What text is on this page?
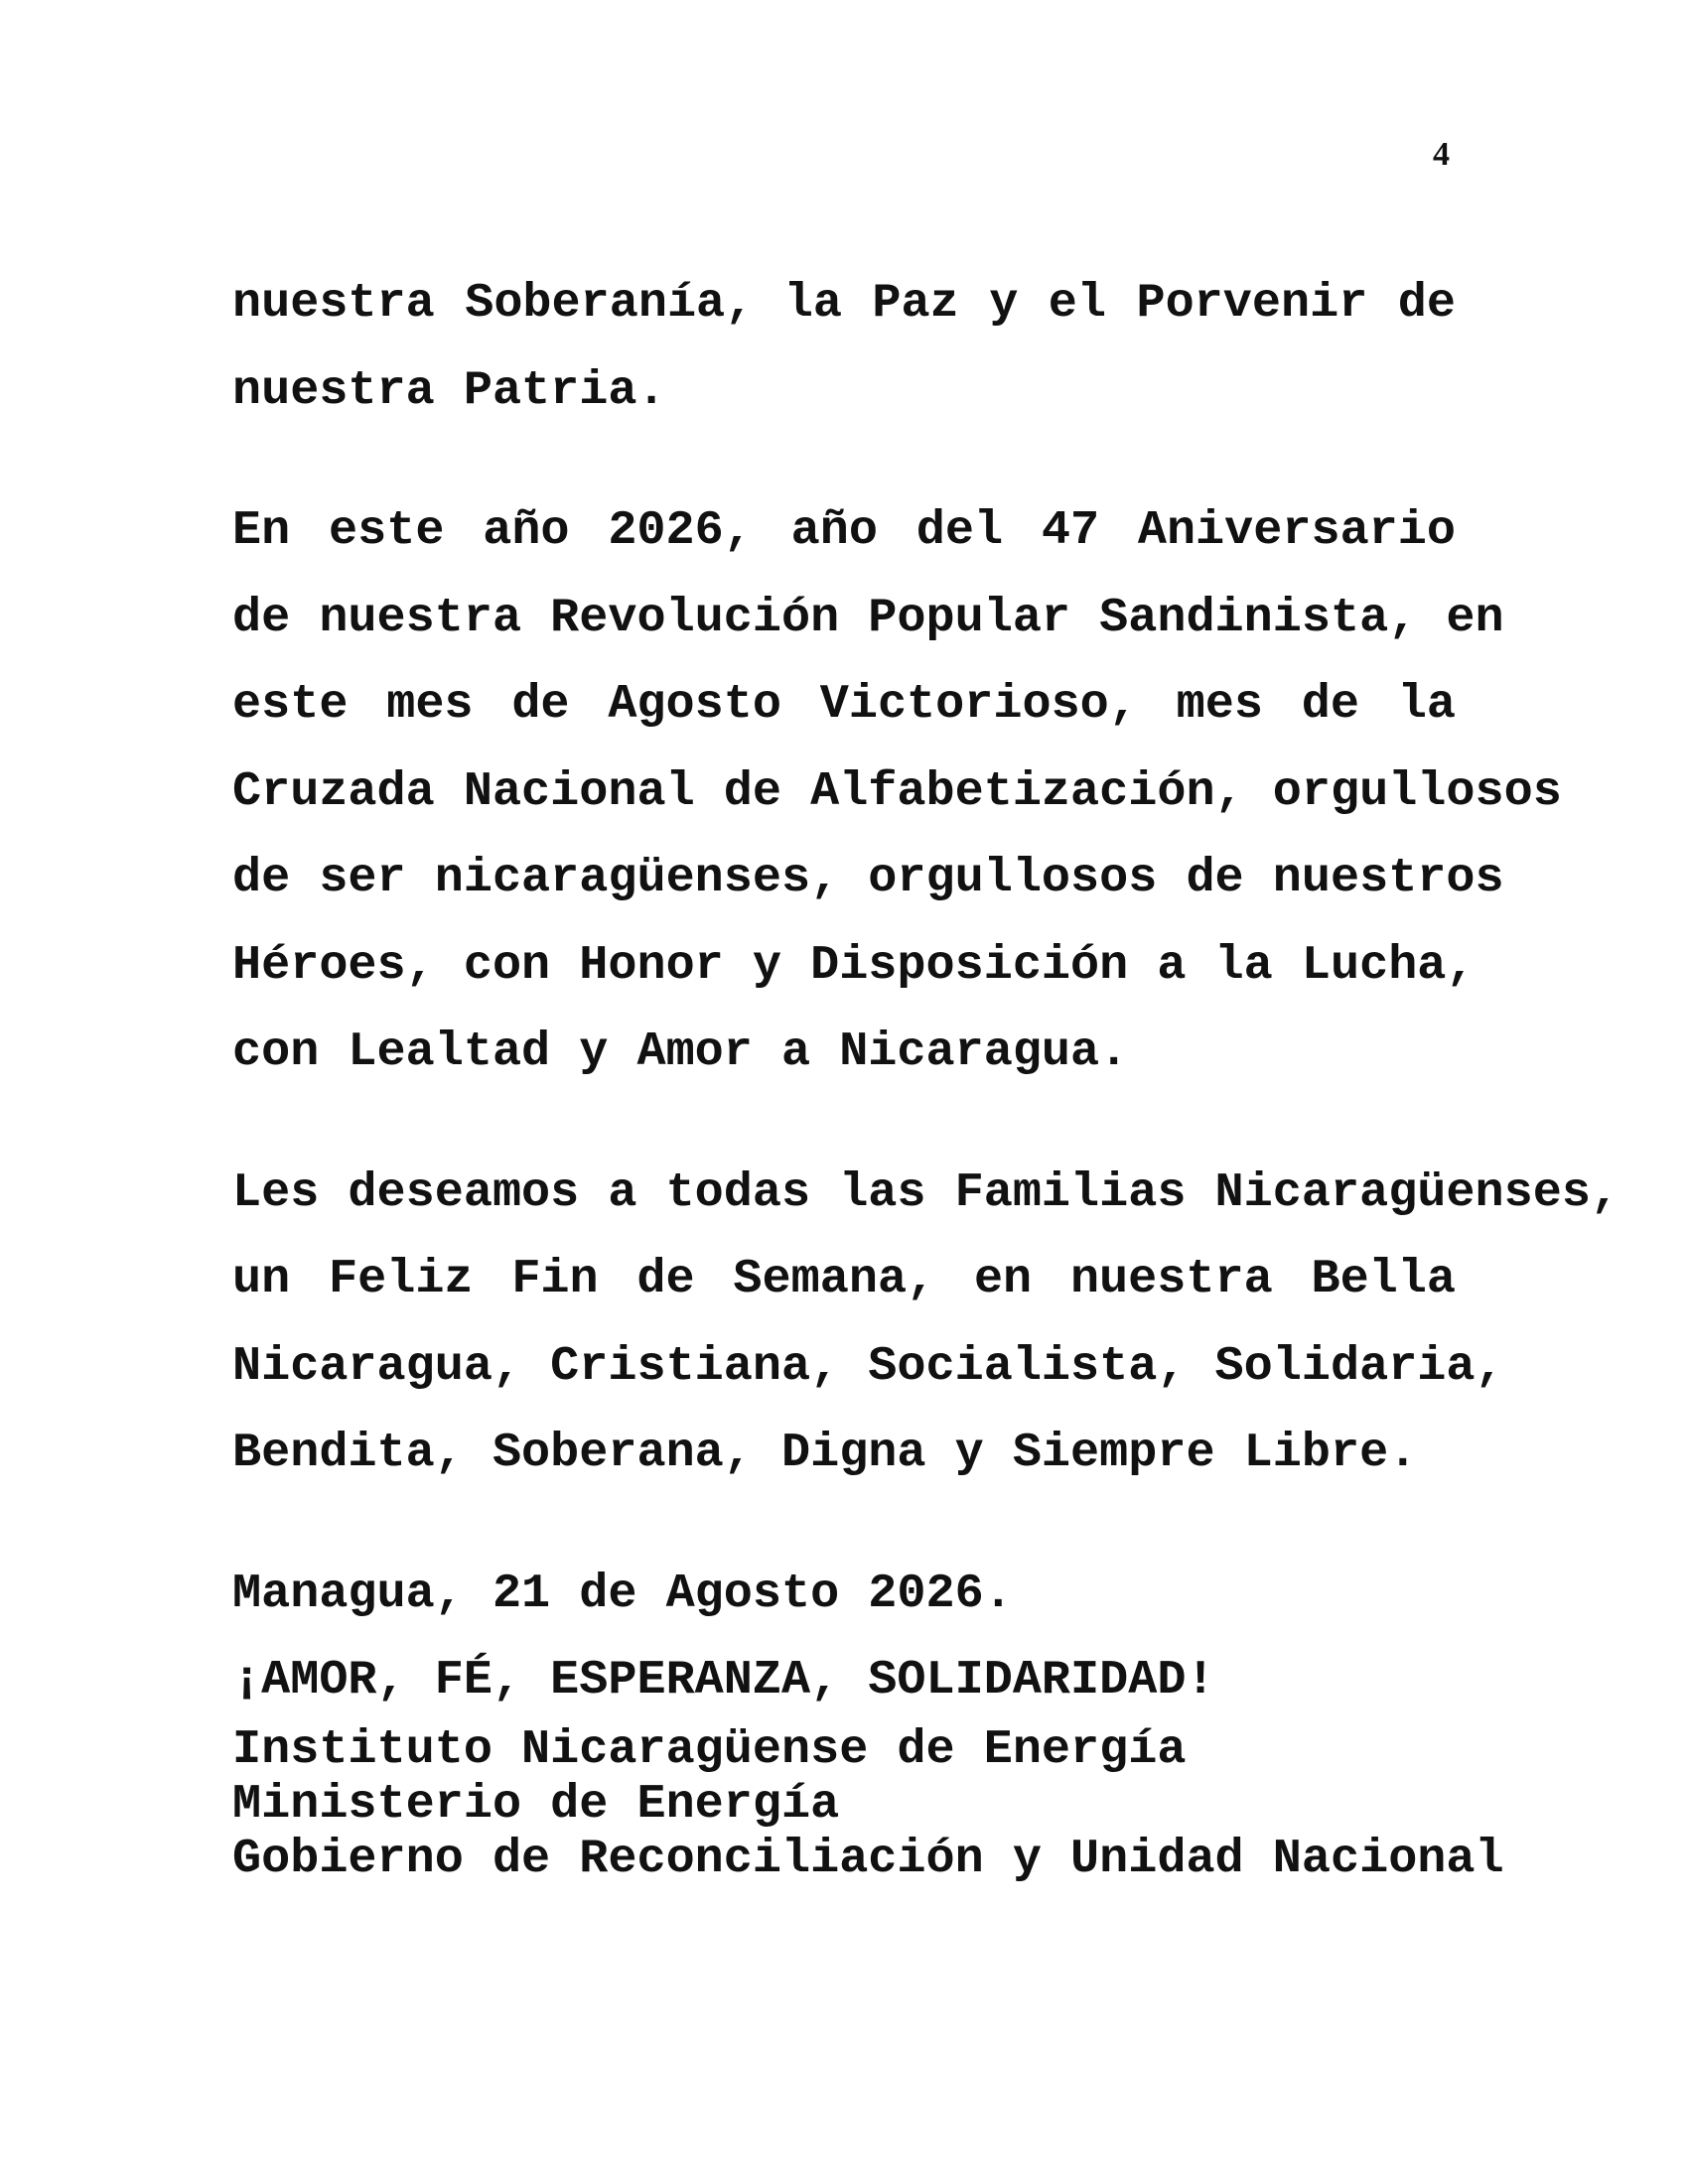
4

nuestra Soberanía, la Paz y el Porvenir de
nuestra Patria.

En este año 2026, año del 47 Aniversario
de nuestra Revolución Popular Sandinista, en
este mes de Agosto Victorioso, mes de la
Cruzada Nacional de Alfabetización, orgullosos
de ser nicaragüenses, orgullosos de nuestros
Héroes, con Honor y Disposición a la Lucha,
con Lealtad y Amor a Nicaragua.

Les deseamos a todas las Familias Nicaragüenses,
un Feliz Fin de Semana, en nuestra Bella
Nicaragua, Cristiana, Socialista, Solidaria,
Bendita, Soberana, Digna y Siempre Libre.

Managua, 21 de Agosto 2026.

¡AMOR, FÉ, ESPERANZA, SOLIDARIDAD!

Instituto Nicaragüense de Energía

Ministerio de Energía

Gobierno de Reconciliación y Unidad Nacional
